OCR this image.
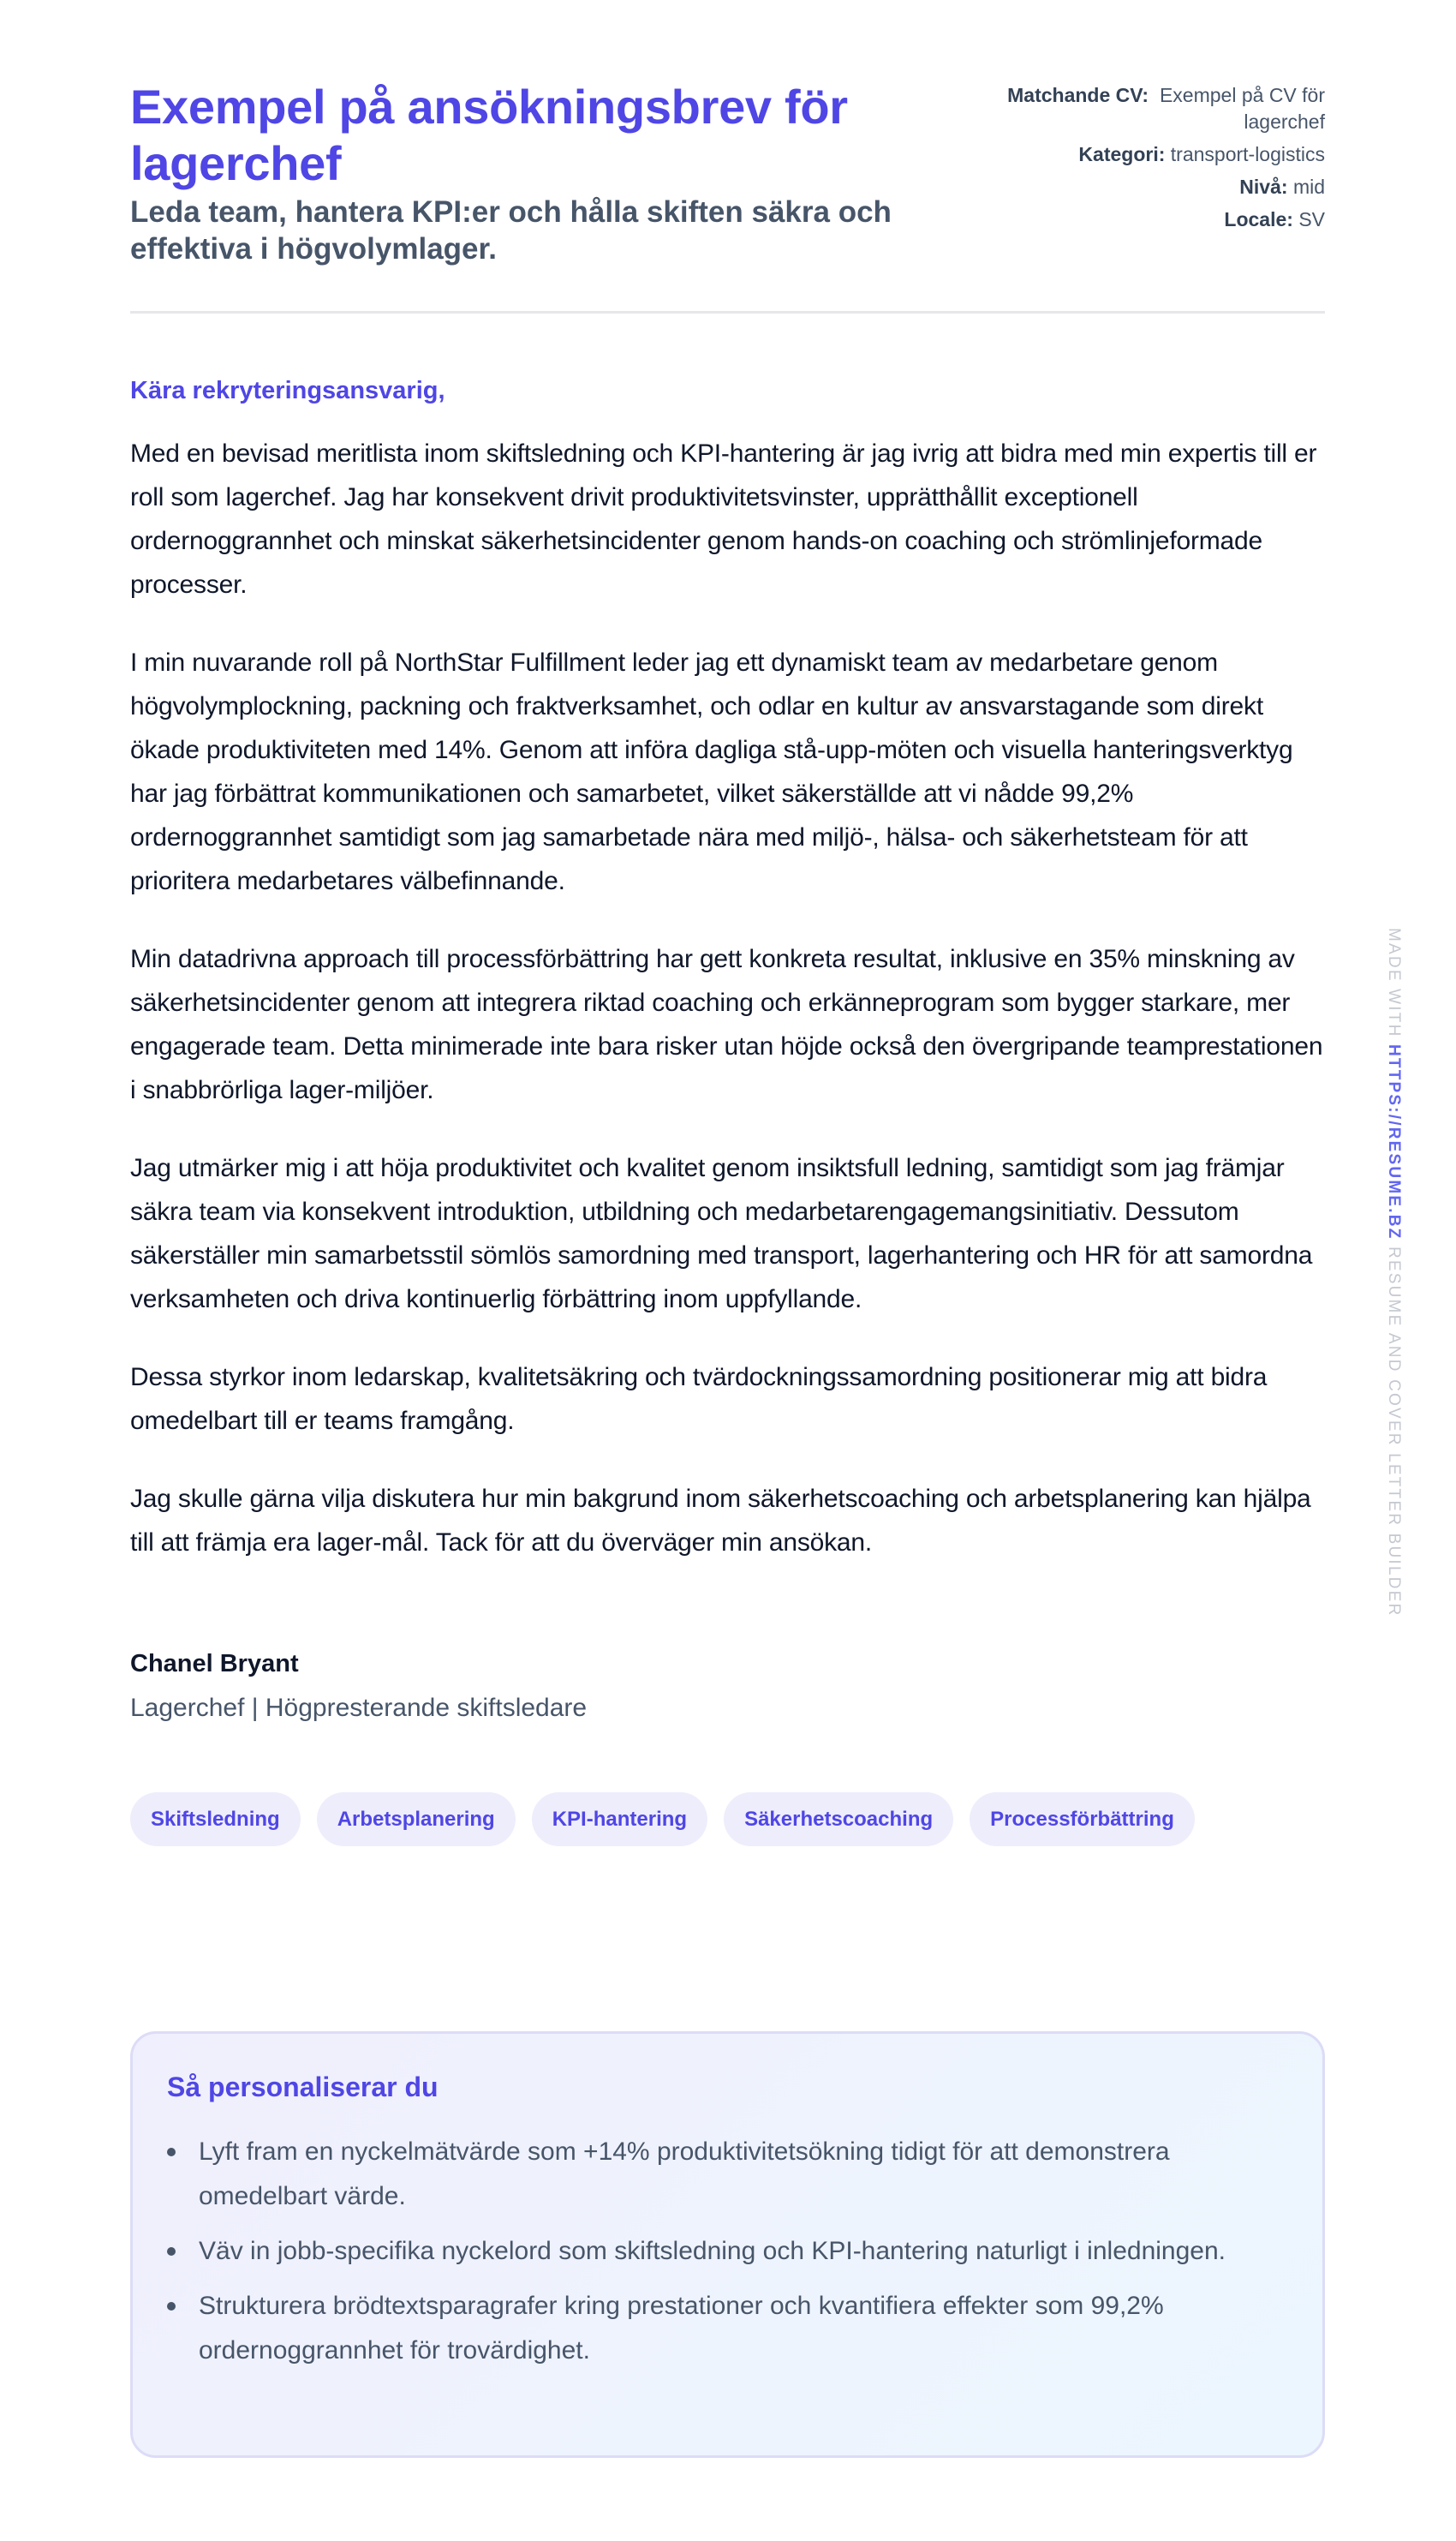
Exempel på ansökningsbrev för lagerchef
Leda team, hantera KPI:er och hålla skiften säkra och effektiva i högvolymlager.
Matchande CV: Exempel på CV för lagerchef
Kategori: transport-logistics
Nivå: mid
Locale: SV

Kära rekryteringsansvarig,

Med en bevisad meritlista inom skiftsledning och KPI-hantering är jag ivrig att bidra med min expertis till er roll som lagerchef. Jag har konsekvent drivit produktivitetsvinster, upprätthållit exceptionell ordernoggrannhet och minskat säkerhetsincidenter genom hands-on coaching och strömlinjeformade processer.

I min nuvarande roll på NorthStar Fulfillment leder jag ett dynamiskt team av medarbetare genom högvolymplockning, packning och fraktverksamhet, och odlar en kultur av ansvarstagande som direkt ökade produktiviteten med 14%. Genom att införa dagliga stå-upp-möten och visuella hanteringsverktyg har jag förbättrat kommunikationen och samarbetet, vilket säkerställde att vi nådde 99,2% ordernoggrannhet samtidigt som jag samarbetade nära med miljö-, hälsa- och säkerhetsteam för att prioritera medarbetares välbefinnande.

Min datadrivna approach till processförbättring har gett konkreta resultat, inklusive en 35% minskning av säkerhetsincidenter genom att integrera riktad coaching och erkänneprogram som bygger starkare, mer engagerade team. Detta minimerade inte bara risker utan höjde också den övergripande teamprestationen i snabbrörliga lager-miljöer.

Jag utmärker mig i att höja produktivitet och kvalitet genom insiktsfull ledning, samtidigt som jag främjar säkra team via konsekvent introduktion, utbildning och medarbetarengagemangsinitiativ. Dessutom säkerställer min samarbetsstil sömlös samordning med transport, lagerhantering och HR för att samordna verksamheten och driva kontinuerlig förbättring inom uppfyllande.

Dessa styrkor inom ledarskap, kvalitetsäkring och tvärdockningssamordning positionerar mig att bidra omedelbart till er teams framgång.

Jag skulle gärna vilja diskutera hur min bakgrund inom säkerhetscoaching och arbetsplanering kan hjälpa till att främja era lager-mål. Tack för att du överväger min ansökan.

Chanel Bryant

Lagerchef | Högpresterande skiftsledare

Skiftsledning	Arbetsplanering	KPI-hantering	Säkerhetscoaching	Processförbättring
Så personaliserar du
Lyft fram en nyckelmätvärde som +14% produktivitetsökning tidigt för att demonstrera omedelbart värde.
Väv in jobb-specifika nyckelord som skiftsledning och KPI-hantering naturligt i inledningen.
Strukturera brödtextsparagrafer kring prestationer och kvantifiera effekter som 99,2% ordernoggrannhet för trovärdighet.
MADE WITH HTTPS://RESUME.BZ RESUME AND COVER LETTER BUILDER
